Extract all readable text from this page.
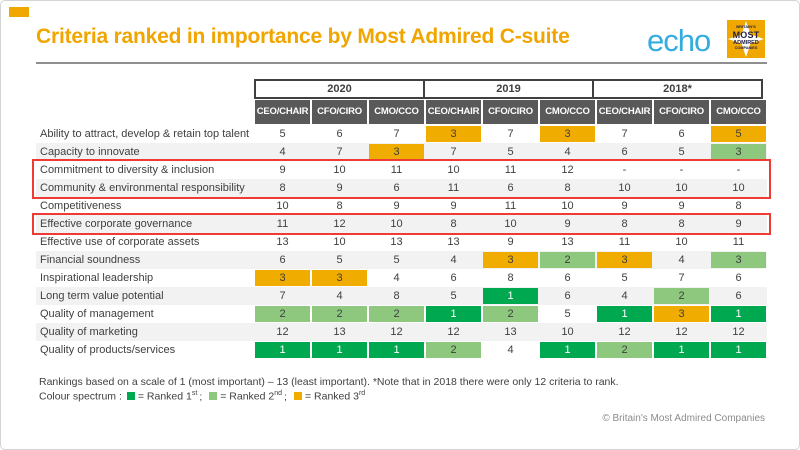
Criteria ranked in importance by Most Admired C-suite	echo	BRITAIN'S
MOST
ADMIRED
COMPANIES
2020	2019	2018*
CEO/CHAIR CFO/CIRO	CMO/CCO CEO/CHAIR CFO/CIRO	CMO/CCO CEO/CHAIR CFO/CIRO	CMO/CCO
Ability to attract, develop & retain top talent	5	6	7	3	7	3	7	6	5
Capacity to innovate	4	7	3	7	5	4	6	5	3
Commitment to diversity & inclusion	9	10	11	10	11	12	-	-	-
Community & environmental responsibility	8	9	6	11	6	8	10	10	10
Competitiveness	10	8	9	9	11	10	9	9	8
Effective corporate governance	11	12	10	8	10	9	8	8	9
Effective use of corporate assets	13	10	13	13	9	13	11	10	11
Financial soundness	6	5	5	4	3	2	3	4	3
Inspirational leadership	3	3	4	6	8	6	5	7	6
Long term value potential	7	4	8	5	1	6	4	2	6
Quality of management	2	2	2	1	2	5	1	3	1
Quality of marketing	12	13	12	12	13	10	12	12	12
Quality of products/services	1	1	1	2	4	1	2	1	1
Rankings based on a scale of 1 (most important) – 13 (least important). *Note that in 2018 there were only 12 criteria to rank.
Colour spectrum : = Ranked 1st ; = Ranked 2nd ; = Ranked 3rd
© Britain's Most Admired Companies
